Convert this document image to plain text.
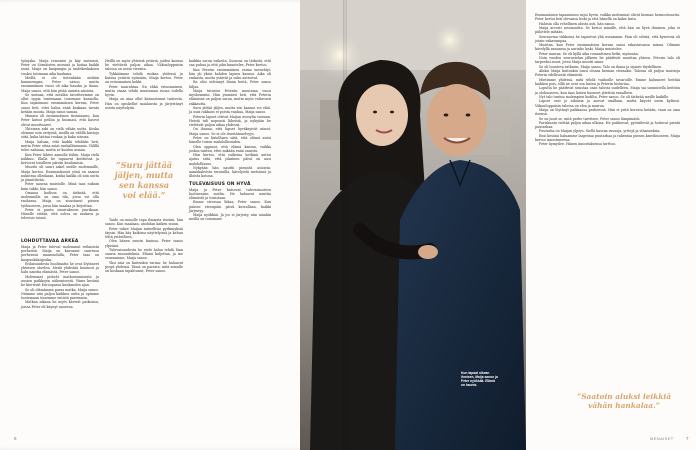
työnjako. Maija remontoi ja käy metsissä, Peter on Sörnäisten miesinä ja hoitaa kaikki asiat. Maija on kaupungin ja taidekeskuksen vuoksi toisinaan aika kaukana.

Meillä ei ole tietenkään mitään kummempaa, Peter sanoo, mutta ensimmäinen vuosi oli aika hauska ja ihana. Maija sanoo, että hän pitää uusista asioista.

Se meinaa, että meidän tavoitteemme on ollut oppia tuntemaan toisemme kunnolla. Kun tapasimme ensimmäisen kerran, Peter sanoi heti, ettei halua enää koskaan tavata ketään muuta. Maija sanoi samaa.

Mimmu oli ensimmäinen tiistaiaamu, kun Peter katsoi peiliin ja huomasi, että kasvot olivat muuttuneet.

Yhteinen arki on vielä vähän uutta. Koska olemme niin erityisiä, meillä on välillä kiistoja siitä, kuka laittaa ruokaa ja kuka siivoaa.

Maija haluaa, että kaikki tehdään heti, mutta Peter ottaa asiat rauhallisemmin. Välillä tulee nahinaa, mutta se kuuluu asiaan.

Kun Peter lähtee aamulla töihin, Maija vielä nukkuu. Illalla he tapaavat keittiössä ja kertovat toisilleen päivän kuulumisia.

Muutto oli suuri askel meille molemmille, Maija kertoo. Ensimmäisenä yönä en saanut nukuttua ollenkaan, koska kaikki oli niin uutta ja jännittävää.

Peter nauraa muistolle. Minä taas nukuin kuin tukki, hän sanoo.

Omassa kodissa on tärkeää, että molemmilla on oma tila, jossa voi olla rauhassa. Maija on sisustanut pienen työhuoneen, jossa hän maalaa ja kirjoittaa.

Peter ei puutu sisustukseen juurikaan. Hänelle riittää, että sohva on mukava ja televisio toimii.

LOHDUTTAVAA ARKEA

Maija ja Peter tulevat molemmat erilaisista perheistä. Maija on kasvanut suuressa perheessä maaseudulla, Peter taas on kaupunkilaispoika.

Erilaisuudesta huolimatta he ovat löytäneet yhteisen sävelen. Meitä yhdistää huumori ja halu nauttia elämästä, Peter sanoo.

Molemmat pitävät matkustamisesta ja uusien paikkojen näkemisestä. Viime kesänä he kiersivät Euroopassa kuukauden ajan.

Se oli elämämme paras matka, Maija sanoo. Näimme niin paljon kaikkea uutta ja opimme tuntemaan toisemme entistä paremmin.

Matkan aikana he myös kävivät paikoissa, joissa Peter oli käynyt nuorena.

Heillä on myös yhteisiä ystäviä, joiden kanssa he viettävät paljon aikaa. Viikonloppuisin talossa on usein vieraita.

Tykkäämme tehdä ruokaa yhdessä ja kutsua ystäviä syömään, Maija kertoo. Peter on erinomainen kokki.

Peter naurahtaa. En ehkä erinomainen, mutta osaan tehdä muutaman ruoan todella hyvin.

Maija on aina ollut kiinnostunut taiteesta. Hän on opiskellut maalausta ja järjestänyt useita näyttelyitä.

”Suru jättää jäljen, mutta sen kanssa voi elää.”

Taide on minulle tapa ilmaista itseäni, hän sanoo. Kun maalaan, unohdan kaiken muun.

Peter tukee Maijan taiteellisia pyrkimyksiä täysin. Hän käy kaikissa näyttelyissä ja kehuu töitä ystävilleen.

Olen hänen suurin faninsa, Peter sanoo ylpeänä.

Tulevaisuudesta he eivät halua tehdä liian suuria suunnitelmia. Elämä kuljettaa, ja me seuraamme, Maija sanoo.

Yksi asia on kuitenkin varma: he haluavat pysyä yhdessä. Tämä on parasta, mitä minulle on koskaan tapahtunut, Peter sanoo.

kaikkia surun vaiheita. Surussa on tärkeää, että saa puhua ja että joku kuuntelee, Peter kertoo.

Kun Peterin ensimmäinen vaimo menehtyi, hän jäi yksin kahden lapsen kanssa. Aika oli raskasta, mutta ystävät ja suku auttoivat.

En olisi selvinnyt ilman heitä, Peter sanoo hiljaa.

Maija tutustui Peteriin muutama vuosi myöhemmin. Hän ymmärsi heti, että Peterin elämässä on paljon surua, mutta myös valtavasti rakkautta.

Suru jättää jäljen, mutta sen kanssa voi elää. Ja uusi rakkaus ei poista vanhaa, Maija sanoo.

Peterin lapset ottivat Maijan avosylin vastaan. Heistä tuli nopeasti läheisiä, ja nykyään he viettävät paljon aikaa yhdessä.

On ihanaa, että lapset hyväksyivät minut, Maija sanoo. Se ei ole itsestäänselvyys.

Peter on kiitollinen siitä, että elämä antoi hänelle toisen mahdollisuuden.

Olen oppinut, että elämä kantaa, vaikka joskus tuntuu, ettei mikään enää onnistu.

Hän kertoo, että vaikeina hetkinä auttoi ajatus siitä, että jokainen päivä on uusi mahdollisuus.

Nykyään hän nauttii pienistä asioista: aamukahvista terassilla, kävelyistä metsässä ja illoista kotona.

TULEVAISUUS ON HYVÄ

Maija ja Peter katsovat tulevaisuuteen luottavaisin mielin. He haluavat nauttia elämästä ja toisistaan.

Emme stressaa liikaa, Peter sanoo. Kun pääsee eteenpäin päivä kerrallaan, kaikki järjestyy.

Maija nyökkää. Ja jos ei järjesty, niin ainakin meillä on toisemme.

6
Kun tapaat oikean ihmisen, Maija sanoo ja Peter nyökkää. Elämä on kaunis.

Ensimmäinen tapaaminen sujui hyvin, vaikka molemmat olivat hieman hermostuneita. Peter kertoi heti olevansa leski ja että hänellä on kaksi lasta.

Halusin olla rehellinen alusta asti, hän sanoo.

Maija arvosti avoimuutta. Se kertoi minulle, että hän on hyvä ihminen, joka ei piilottele mitään.

Seuraavina viikkoina he tapasivat yhä useammin. Pian oli selvää, että kyseessä oli jotain vakavampaa.

Muistan, kun Peter ensimmäisen kerran sanoi rakastavansa minua. Olimme kävelyllä rannassa ja aurinko laski, Maija muistelee.

Peter nauraa. Se oli kyllä aika romanttinen hetki, myönnän.

Noin vuoden seurustelun jälkeen he päättivät muuttaa yhteen. Peterin talo oli tarpeeksi suuri, joten Maija muutti sinne.

Se oli luonteva ratkaisu, Maija sanoo. Talo on ihana ja sijainti täydellinen.

Aluksi Maija kuitenkin tunsi olonsa hieman vieraaksi. Talossa oli paljon muistoja Peterin edellisestä elämästä.

Mietimme yhdessä, mitä tehdä vanhoille tavaroille. Emme halunneet heittää kaikkea pois, sillä ne ovat osa lasten ja Peterin historiaa.

Lopulta he päättivät sisustaa osan talosta uudelleen. Maija sai suunnitella keittiön ja olohuoneen, kun taas lasten huoneet jätettiin ennalleen.

Nyt talo tuntuu molempien kodilta, Peter sanoo. Se oli tärkeää meille kaikille.

Lapset ovat jo aikuisia ja asuvat omillaan, mutta käyvät usein kylässä. Viikonloppuisin talossa on eloa ja naurua.

Maija on löytänyt paikkansa perheessä. Hän ei yritä korvata ketään, vaan on oma itsensä.

Se on juuri se, mitä perhe tarvitsee, Peter sanoo lämpimästi.

Pariskunta viettää paljon aikaa ulkona. He patikoivat, pyöräilevät ja hoitavat pientä puutarhaa.

Puutarha on Maijan ylpeys. Siellä kasvaa ruusuja, yrttejä ja vihanneksia.

Ensi kesänä haluamme laajentaa puutarhaa ja rakentaa pienen kasvihuoneen, Maija kertoo innostuneena.

Peter hymyilee. Hänen innostuksensa tarttuu.

”Saatoin aluksi leikkiä vähän hankalaa.”
MENAISET	7
